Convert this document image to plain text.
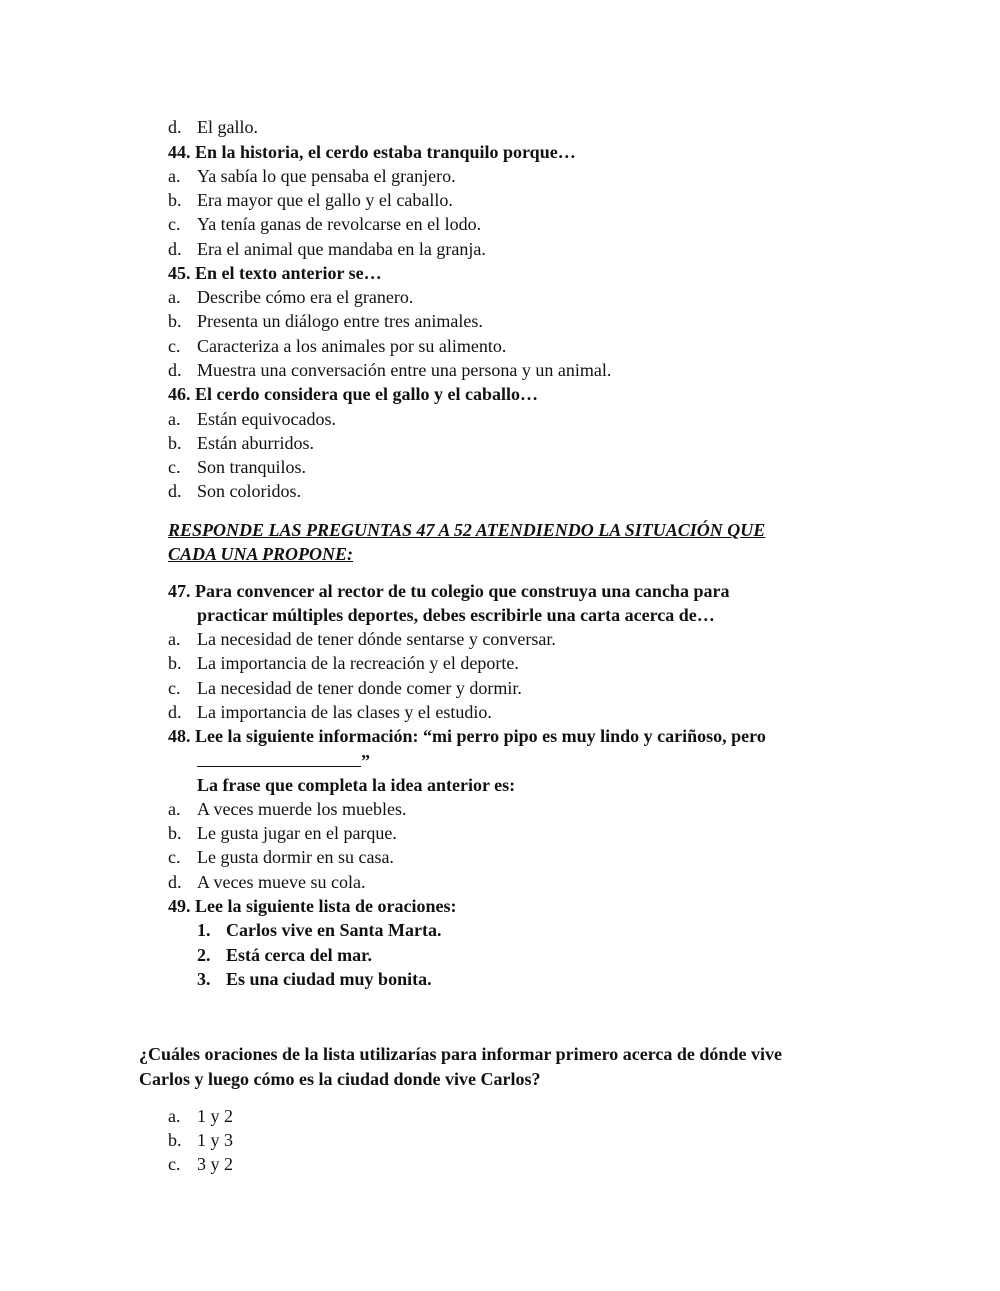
d. El gallo.
44. En la historia, el cerdo estaba tranquilo porque…
a. Ya sabía lo que pensaba el granjero.
b. Era mayor que el gallo y el caballo.
c. Ya tenía ganas de revolcarse en el lodo.
d. Era el animal que mandaba en la granja.
45. En el texto anterior se…
a. Describe cómo era el granero.
b. Presenta un diálogo entre tres animales.
c. Caracteriza a los animales por su alimento.
d. Muestra una conversación entre una persona y un animal.
46. El cerdo considera que el gallo y el caballo…
a. Están equivocados.
b. Están aburridos.
c. Son tranquilos.
d. Son coloridos.
RESPONDE LAS PREGUNTAS 47 A 52 ATENDIENDO LA SITUACIÓN QUE
CADA UNA PROPONE:
47. Para convencer al rector de tu colegio que construya una cancha para
practicar múltiples deportes, debes escribirle una carta acerca de…
a. La necesidad de tener dónde sentarse y conversar.
b. La importancia de la recreación y el deporte.
c. La necesidad de tener donde comer y dormir.
d. La importancia de las clases y el estudio.
48. Lee la siguiente información: “mi perro pipo es muy lindo y cariñoso, pero
”
La frase que completa la idea anterior es:
a. A veces muerde los muebles.
b. Le gusta jugar en el parque.
c. Le gusta dormir en su casa.
d. A veces mueve su cola.
49. Lee la siguiente lista de oraciones:
1. Carlos vive en Santa Marta.
2. Está cerca del mar.
3. Es una ciudad muy bonita.
¿Cuáles oraciones de la lista utilizarías para informar primero acerca de dónde vive
Carlos y luego cómo es la ciudad donde vive Carlos?
a. 1 y 2
b. 1 y 3
c. 3 y 2
